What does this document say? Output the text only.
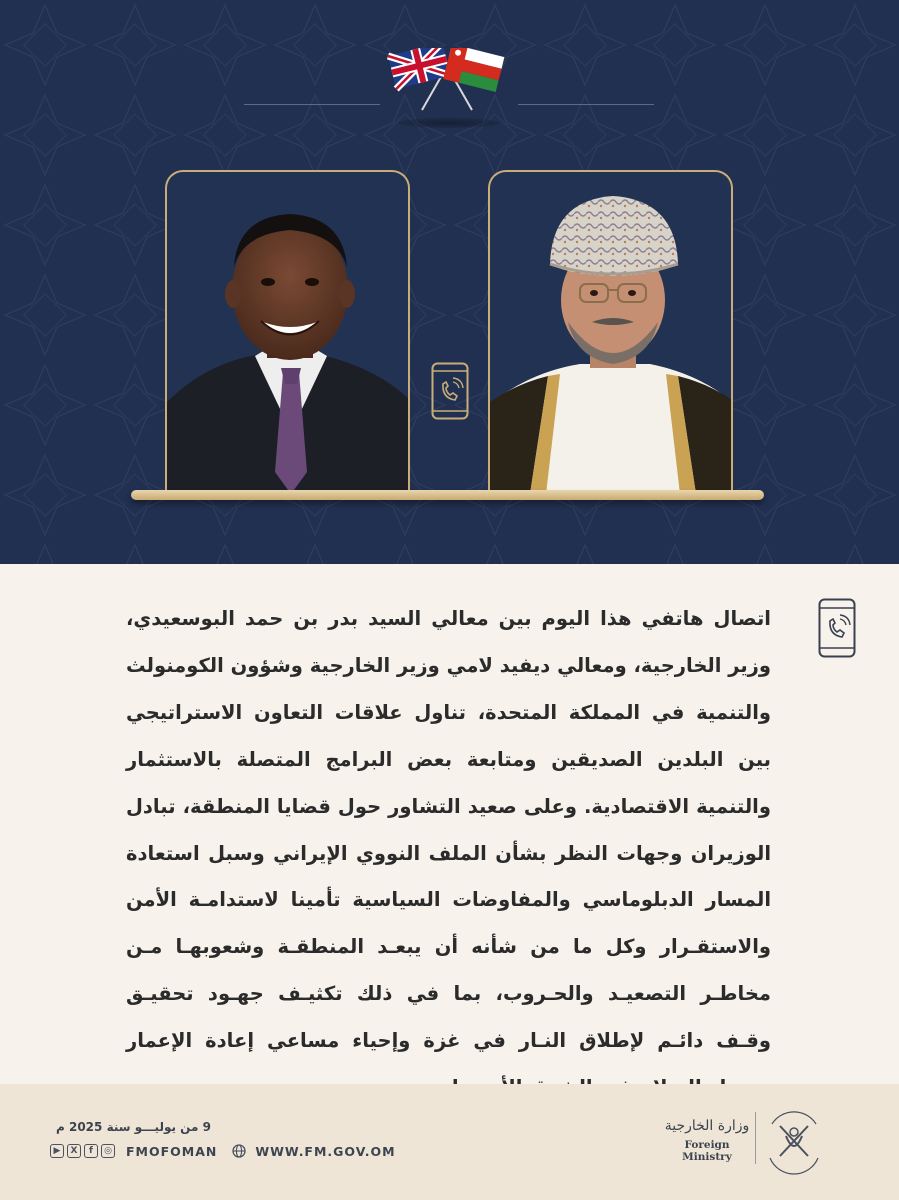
اتصال هاتفي هذا اليوم بين معالي السيد بدر بن حمد البوسعيدي، وزير الخارجية، ومعالي ديفيد لامي وزير الخارجية وشؤون الكومنولث والتنمية في المملكة المتحدة، تناول علاقات التعاون الاستراتيجي بين البلدين الصديقين ومتابعة بعض البرامج المتصلة بالاستثمار والتنمية الاقتصادية. وعلى صعيد التشاور حول قضايا المنطقة، تبادل الوزيران وجهات النظر بشأن الملف النووي الإيراني وسبل استعادة المسار الدبلوماسي والمفاوضات السياسية تأمينا لاستدامـة الأمن والاستقـرار وكل ما من شأنه أن يبعـد المنطقـة وشعوبهـا مـن مخاطـر التصعيـد والحـروب، بما في ذلك تكثيـف جهـود تحقيـق وقـف دائـم لإطلاق النـار في غزة وإحياء مساعي إعادة الإعمار

9 من يوليـــو سنة 2025 م
▶	X	f	◎ FMOFOMAN	WWW.FM.GOV.OM
وزارة الخارجية
Foreign Ministry
